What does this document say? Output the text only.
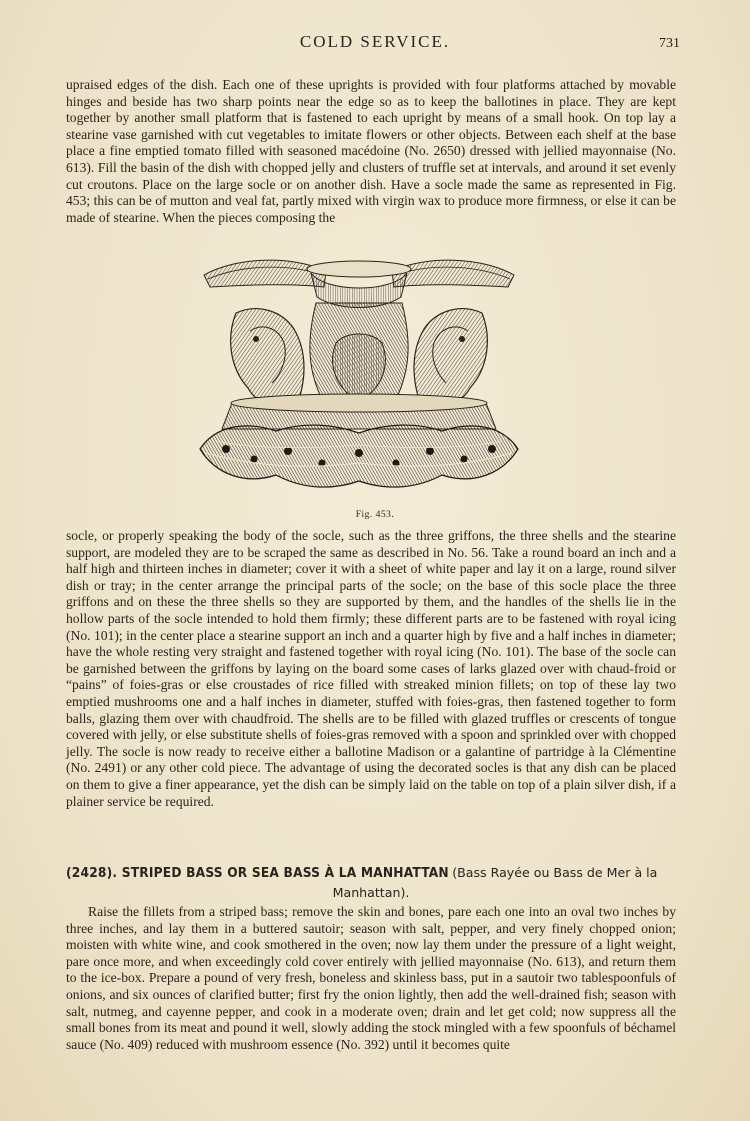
COLD SERVICE.	731

upraised edges of the dish. Each one of these uprights is provided with four platforms attached by movable hinges and beside has two sharp points near the edge so as to keep the ballotines in place. They are kept together by another small platform that is fastened to each upright by means of a small hook. On top lay a stearine vase garnished with cut vegetables to imitate flowers or other objects. Between each shelf at the base place a fine emptied tomato filled with seasoned macédoine (No. 2650) dressed with jellied mayonnaise (No. 613). Fill the basin of the dish with chopped jelly and clusters of truffle set at intervals, and around it set evenly cut croutons. Place on the large socle or on another dish. Have a socle made the same as represented in Fig. 453; this can be of mutton and veal fat, partly mixed with virgin wax to produce more firmness, or else it can be made of stearine. When the pieces composing the

Fig. 453.

socle, or properly speaking the body of the socle, such as the three griffons, the three shells and the stearine support, are modeled they are to be scraped the same as described in No. 56. Take a round board an inch and a half high and thirteen inches in diameter; cover it with a sheet of white paper and lay it on a large, round silver dish or tray; in the center arrange the principal parts of the socle; on the base of this socle place the three griffons and on these the three shells so they are supported by them, and the handles of the shells lie in the hollow parts of the socle intended to hold them firmly; these different parts are to be fastened with royal icing (No. 101); in the center place a stearine support an inch and a quarter high by five and a half inches in diameter; have the whole resting very straight and fastened together with royal icing (No. 101). The base of the socle can be garnished between the griffons by laying on the board some cases of larks glazed over with chaud-froid or “pains” of foies-gras or else croustades of rice filled with streaked minion fillets; on top of these lay two emptied mushrooms one and a half inches in diameter, stuffed with foies-gras, then fastened together to form balls, glazing them over with chaudfroid. The shells are to be filled with glazed truffles or crescents of tongue covered with jelly, or else substitute shells of foies-gras removed with a spoon and sprinkled over with chopped jelly. The socle is now ready to receive either a ballotine Madison or a galantine of partridge à la Clémentine (No. 2491) or any other cold piece. The advantage of using the decorated socles is that any dish can be placed on them to give a finer appearance, yet the dish can be simply laid on the table on top of a plain silver dish, if a plainer service be required.

(2428). STRIPED BASS OR SEA BASS À LA MANHATTAN (Bass Rayée ou Bass de Mer à la
Manhattan).

Raise the fillets from a striped bass; remove the skin and bones, pare each one into an oval two inches by three inches, and lay them in a buttered sautoir; season with salt, pepper, and very finely chopped onion; moisten with white wine, and cook smothered in the oven; now lay them under the pressure of a light weight, pare once more, and when exceedingly cold cover entirely with jellied mayonnaise (No. 613), and return them to the ice-box. Prepare a pound of very fresh, boneless and skinless bass, put in a sautoir two tablespoonfuls of onions, and six ounces of clarified butter; first fry the onion lightly, then add the well-drained fish; season with salt, nutmeg, and cayenne pepper, and cook in a moderate oven; drain and let get cold; now suppress all the small bones from its meat and pound it well, slowly adding the stock mingled with a few spoonfuls of béchamel sauce (No. 409) reduced with mushroom essence (No. 392) until it becomes quite
